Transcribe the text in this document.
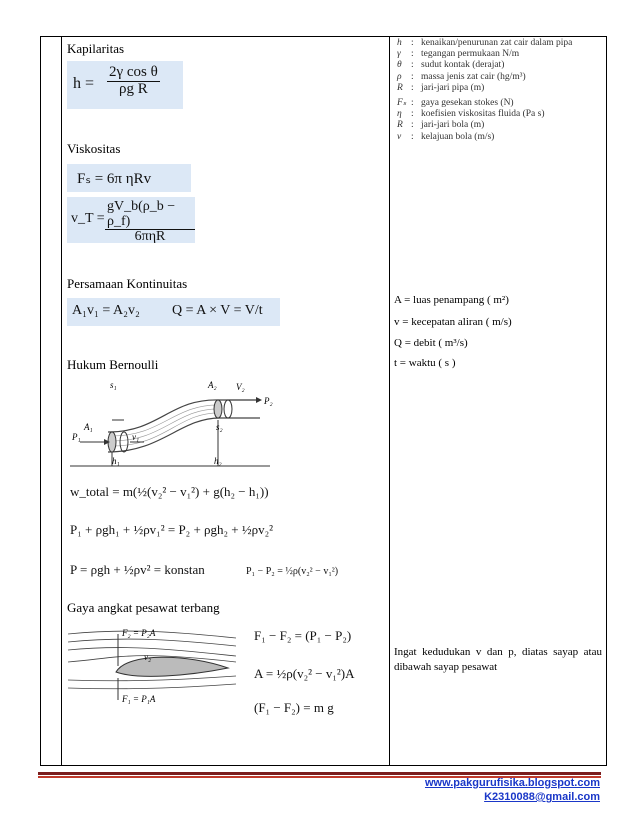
Kapilaritas
$h = \frac{\text{2γ cos θ}}{\text{ρg R}}$
h : kenaikan/penurunan zat cair dalam pipa
γ	: tegangan permukaan N/m
θ : sudut kontak (derajat)
ρ : massa jenis zat cair (hg/m³)
R : jari-jari pipa (m)
Fₛ : gaya gesekan stokes (N)
η : koefisien viskositas fluida (Pa s)
R : jari-jari bola (m)
v	: kelajuan bola (m/s)
Viskositas
Fₛ = 6π ηRv
v_T =
gV_b(ρ_b − ρ_f)
6πηR
Persamaan Kontinuitas
A₁v₁ = A₂v₂ Q = A × V = V/t
A = luas penampang ( m²)
v = kecepatan aliran ( m/s)
Q = debit ( m³/s)
t = waktu ( s )
Hukum Bernoulli
s₁
A₁
P₁	v₁
A₂ V₂
P₂
s₂
h₁	h₂
w_total = m(½(v₂² − v₁²) + g(h₂ − h₁))
P₁ + ρgh₁ + ½ρv₁² = P₂ + ρgh₂ + ½ρv₂²
P = ρgh + ½ρv² = konstan	P₁ − P₂ = ½ρ(v₂² − v₁²)
Gaya angkat pesawat terbang
F₂ = P₂A
F₁ = P₁A
v₂
F₁ − F₂ = (P₁ − P₂)
A = ½ρ(v₂² − v₁²)A
(F₁ − F₂) = m g
Ingat kedudukan v dan p, diatas sayap atau dibawah sayap pesawat
www.pakgurufisika.blogspot.com
K2310088@gmail.com
